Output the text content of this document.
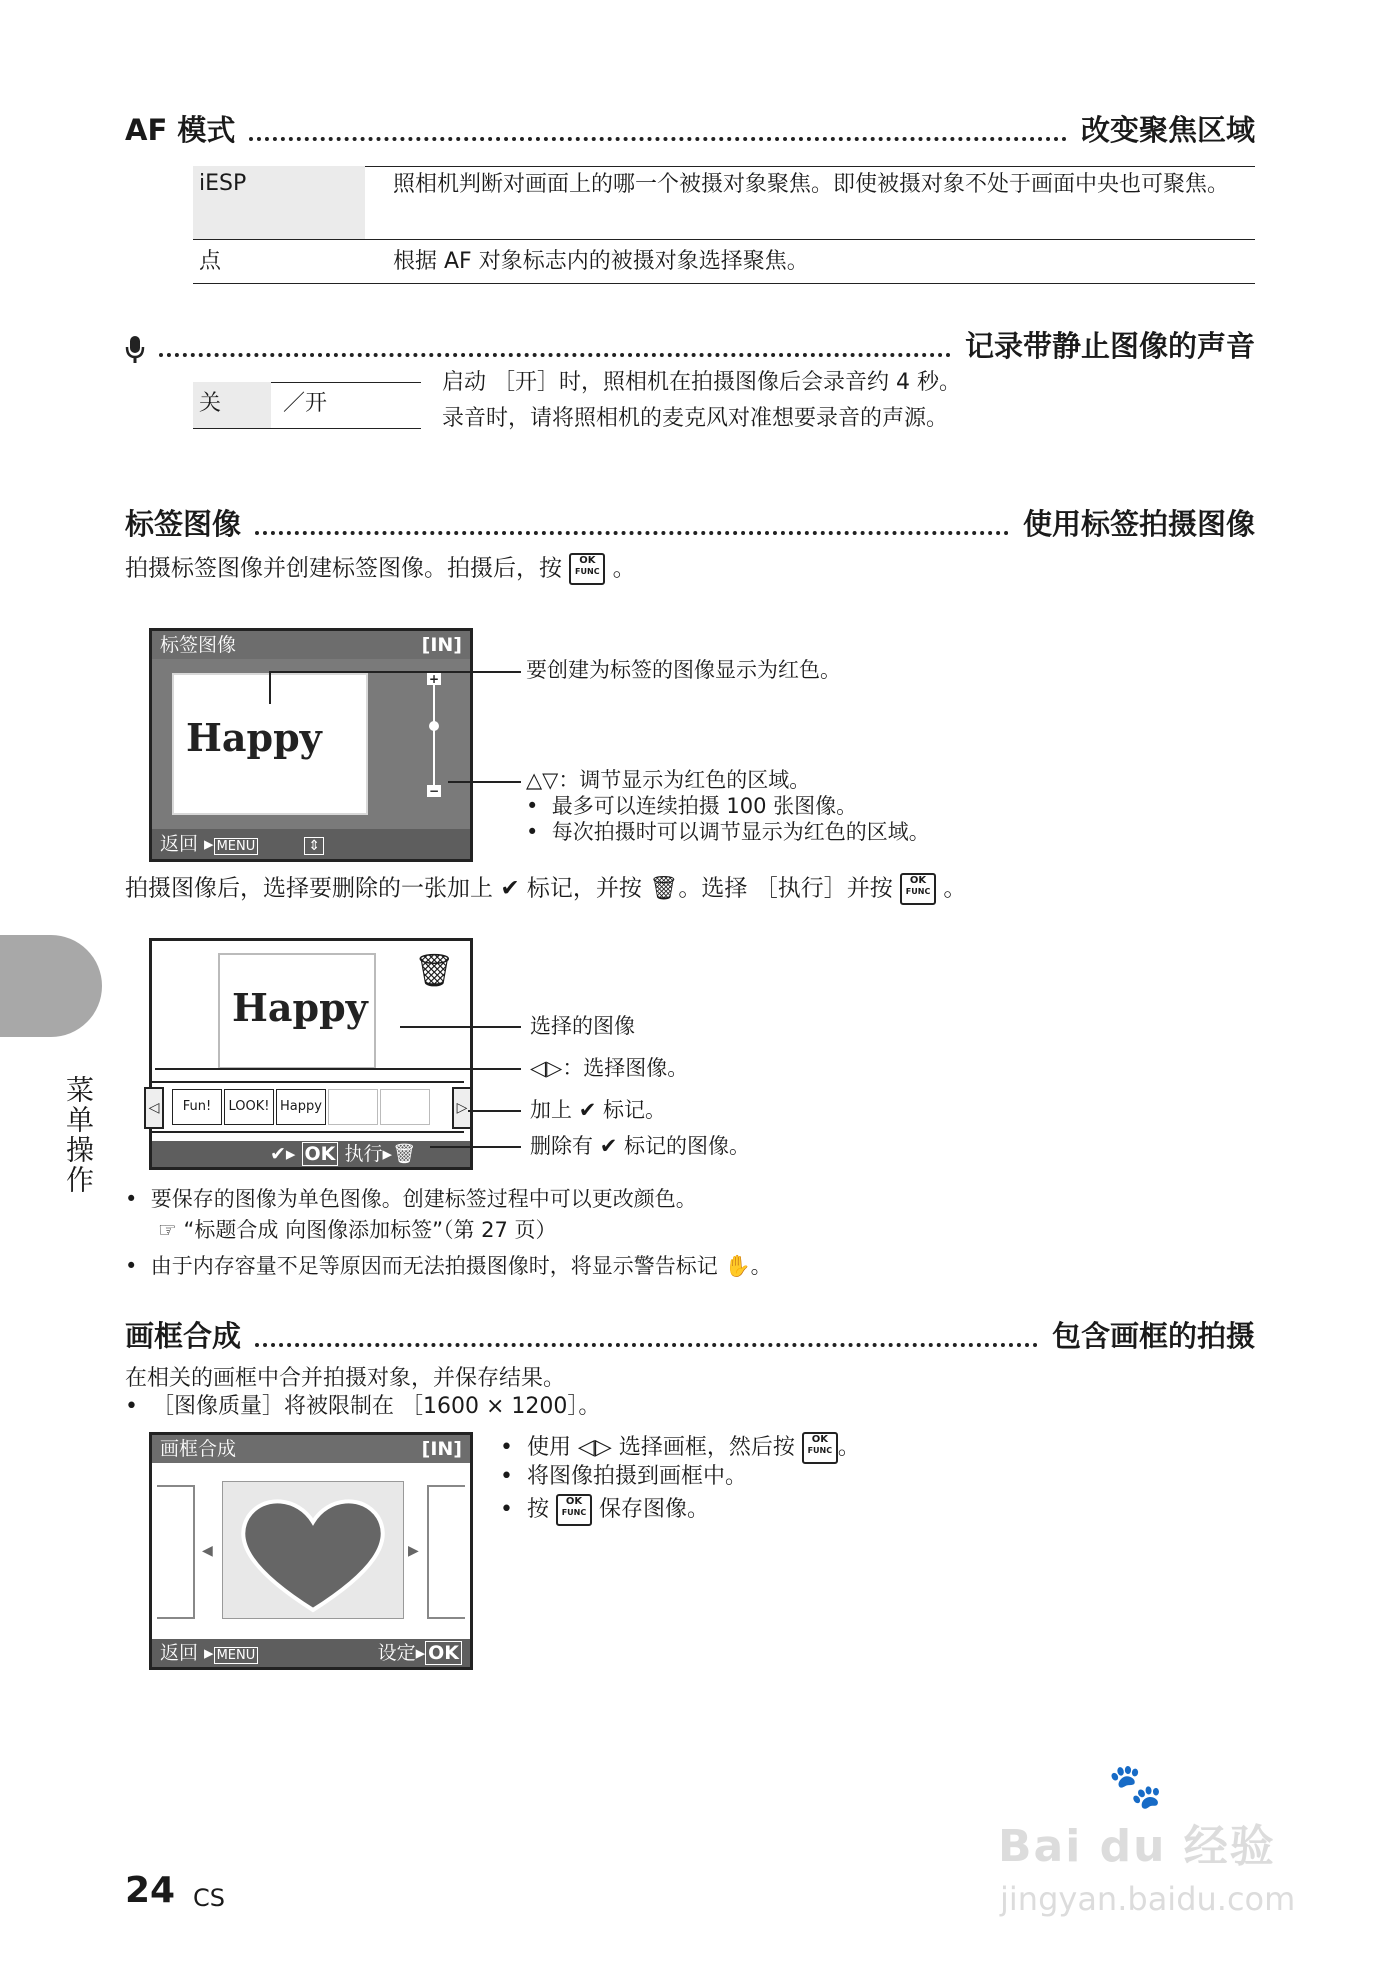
AF 模式	改变聚焦区域
iESP	照相机判断对画面上的哪一个被摄对象聚焦。即使被摄对象不处于画面中央也可聚焦。
点	根据 AF 对象标志内的被摄对象选择聚焦。
记录带静止图像的声音
关	／开
启动 ［开］时，照相机在拍摄图像后会录音约 4 秒。
录音时，请将照相机的麦克风对准想要录音的声源。
标签图像	使用标签拍摄图像
拍摄标签图像并创建标签图像。拍摄后，按 OK
FUNC 。
标签图像	[IN]
Happy
+
−
返回 ▸ MENU	⇕
要创建为标签的图像显示为红色。
△▽：调节显示为红色的区域。
•  最多可以连续拍摄 100 张图像。
•  每次拍摄时可以调节显示为红色的区域。
拍摄图像后，选择要删除的一张加上 ✔ 标记，并按 🗑。选择 ［执行］并按 OK
FUNC 。
Happy
🗑
◁	Fun!	LOOK! Happy	▷
✔▸ OK 执行▸🗑
选择的图像
◁▷：选择图像。
加上 ✔ 标记。
删除有 ✔ 标记的图像。
•  要保存的图像为单色图像。创建标签过程中可以更改颜色。
☞ “标题合成 向图像添加标签”（第 27 页）
•  由于内存容量不足等原因而无法拍摄图像时，将显示警告标记 ✋。
画框合成	包含画框的拍摄
在相关的画框中合并拍摄对象，并保存结果。
•  ［图像质量］将被限制在 ［1600 × 1200］。
画框合成	[IN]
◀	▶
返回 ▸ MENU	设定▸ OK
•  使用 ◁▷ 选择画框，然后按 OK
FUNC 。
•  将图像拍摄到画框中。
•  按 OK
FUNC 保存图像。
菜单操作
24 CS
Bai du 经验
🐾
jingyan.baidu.com
